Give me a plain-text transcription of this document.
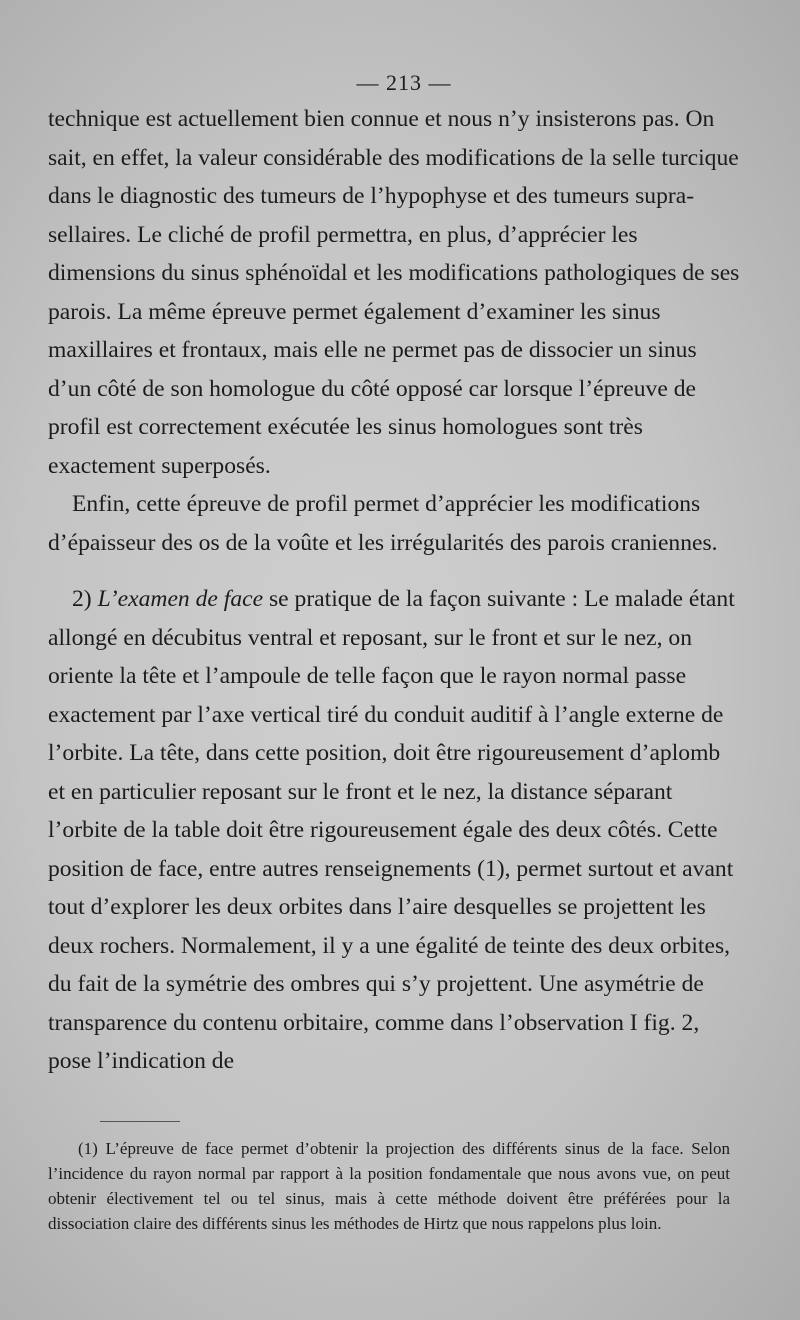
— 213 —

technique est actuellement bien connue et nous n’y insisterons pas. On sait, en effet, la valeur considérable des modifications de la selle turcique dans le diagnostic des tumeurs de l’hypophyse et des tumeurs supra-sellaires. Le cliché de profil permettra, en plus, d’apprécier les dimensions du sinus sphénoïdal et les modifications pathologiques de ses parois. La même épreuve permet également d’examiner les sinus maxillaires et frontaux, mais elle ne permet pas de dissocier un sinus d’un côté de son homologue du côté opposé car lorsque l’épreuve de profil est correctement exécutée les sinus homologues sont très exactement superposés.

Enfin, cette épreuve de profil permet d’apprécier les modifications d’épaisseur des os de la voûte et les irrégularités des parois craniennes.

2) L’examen de face se pratique de la façon suivante : Le malade étant allongé en décubitus ventral et reposant, sur le front et sur le nez, on oriente la tête et l’ampoule de telle façon que le rayon normal passe exactement par l’axe vertical tiré du conduit auditif à l’angle externe de l’orbite. La tête, dans cette position, doit être rigoureusement d’aplomb et en particulier reposant sur le front et le nez, la distance séparant l’orbite de la table doit être rigoureusement égale des deux côtés. Cette position de face, entre autres renseignements (1), permet surtout et avant tout d’explorer les deux orbites dans l’aire desquelles se projettent les deux rochers. Normalement, il y a une égalité de teinte des deux orbites, du fait de la symétrie des ombres qui s’y projettent. Une asymétrie de transparence du contenu orbitaire, comme dans l’observation I fig. 2, pose l’indication de

(1) L’épreuve de face permet d’obtenir la projection des différents sinus de la face. Selon l’incidence du rayon normal par rapport à la position fondamentale que nous avons vue, on peut obtenir électivement tel ou tel sinus, mais à cette méthode doivent être préférées pour la dissociation claire des différents sinus les méthodes de Hirtz que nous rappelons plus loin.
